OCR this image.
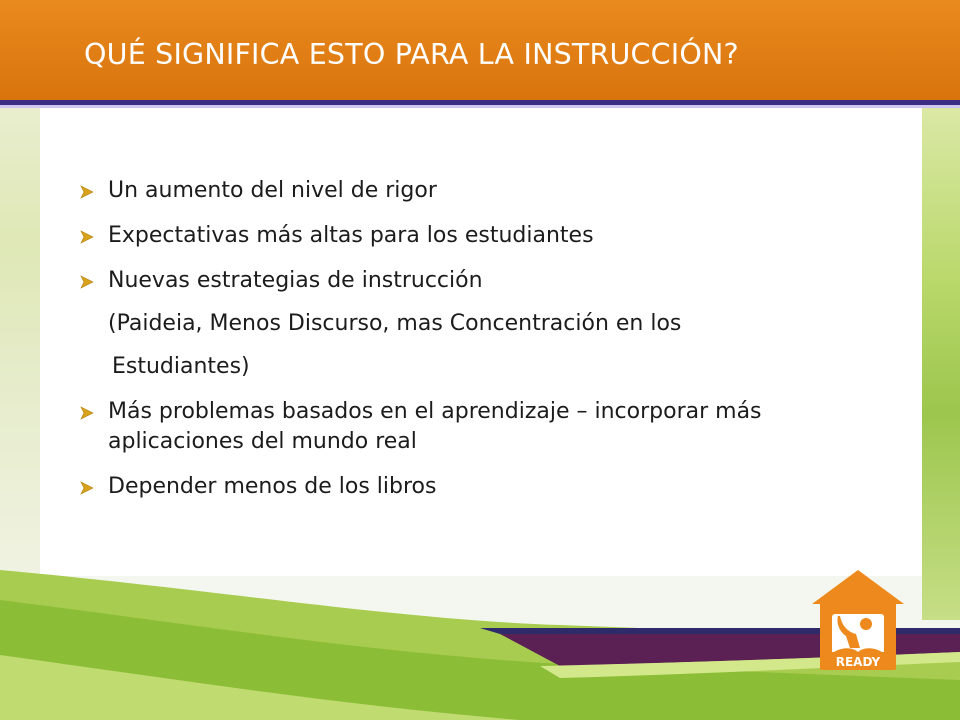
QUÉ SIGNIFICA ESTO PARA LA INSTRUCCIÓN?
Un aumento del nivel de rigor
Expectativas más altas para los estudiantes
Nuevas estrategias de instrucción
(Paideia, Menos Discurso, mas Concentración en los
Estudiantes)
Más problemas basados en el aprendizaje – incorporar más aplicaciones del mundo real
Depender menos de los libros
READY
